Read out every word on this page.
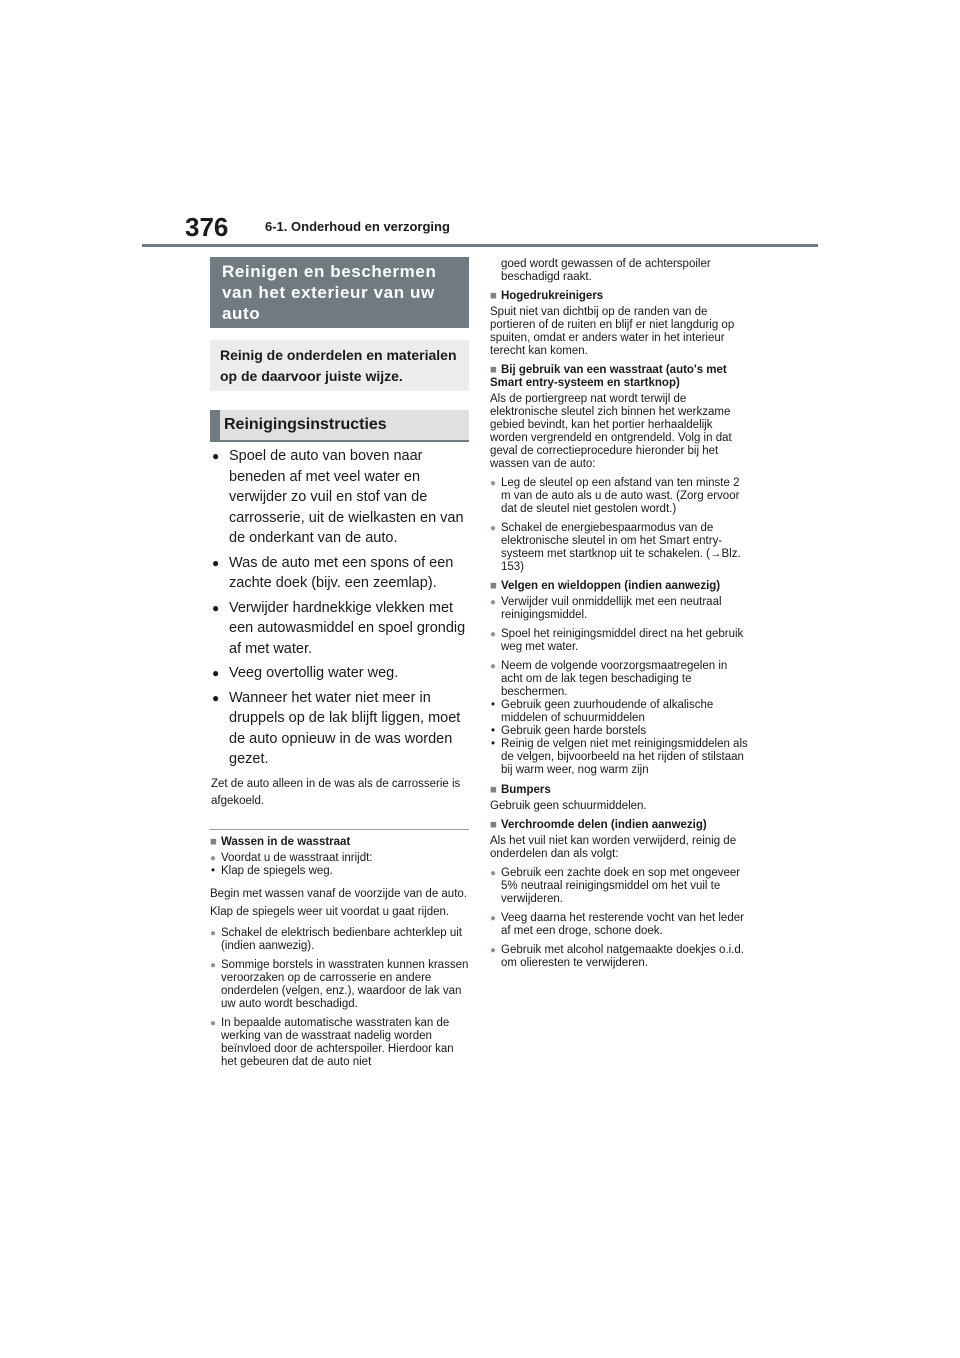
376	6-1. Onderhoud en verzorging
Reinigen en beschermen van het exterieur van uw auto
Reinig de onderdelen en materialen op de daarvoor juiste wijze.
Reinigingsinstructies
● Spoel de auto van boven naar beneden af met veel water en verwijder zo vuil en stof van de carrosserie, uit de wielkasten en van de onderkant van de auto.
● Was de auto met een spons of een zachte doek (bijv. een zeemlap).
● Verwijder hardnekkige vlekken met een autowasmiddel en spoel grondig af met water.
● Veeg overtollig water weg.
● Wanneer het water niet meer in druppels op de lak blijft liggen, moet de auto opnieuw in de was worden gezet.
Zet de auto alleen in de was als de carrosserie is afgekoeld.
■ Wassen in de wasstraat
● Voordat u de wasstraat inrijdt:
• Klap de spiegels weg.
Begin met wassen vanaf de voorzijde van de auto. Klap de spiegels weer uit voordat u gaat rijden.
● Schakel de elektrisch bedienbare achterklep uit (indien aanwezig).
● Sommige borstels in wasstraten kunnen krassen veroorzaken op de carrosserie en andere onderdelen (velgen, enz.), waardoor de lak van uw auto wordt beschadigd.
● In bepaalde automatische wasstraten kan de werking van de wasstraat nadelig worden beïnvloed door de achterspoiler. Hierdoor kan het gebeuren dat de auto niet
goed wordt gewassen of de achterspoiler beschadigd raakt.
■ Hogedrukreinigers
Spuit niet van dichtbij op de randen van de portieren of de ruiten en blijf er niet langdurig op spuiten, omdat er anders water in het interieur terecht kan komen.
■ Bij gebruik van een wasstraat (auto's met Smart entry-systeem en startknop)
Als de portiergreep nat wordt terwijl de elektronische sleutel zich binnen het werkzame gebied bevindt, kan het portier herhaaldelijk worden vergrendeld en ontgrendeld. Volg in dat geval de correctieprocedure hieronder bij het wassen van de auto:
● Leg de sleutel op een afstand van ten minste 2 m van de auto als u de auto wast. (Zorg ervoor dat de sleutel niet gestolen wordt.)
● Schakel de energiebespaarmodus van de elektronische sleutel in om het Smart entry-systeem met startknop uit te schakelen. (→Blz. 153)
■ Velgen en wieldoppen (indien aanwezig)
● Verwijder vuil onmiddellijk met een neutraal reinigingsmiddel.
● Spoel het reinigingsmiddel direct na het gebruik weg met water.
● Neem de volgende voorzorgsmaatregelen in acht om de lak tegen beschadiging te beschermen.
• Gebruik geen zuurhoudende of alkalische middelen of schuurmiddelen
• Gebruik geen harde borstels
• Reinig de velgen niet met reinigingsmiddelen als de velgen, bijvoorbeeld na het rijden of stilstaan bij warm weer, nog warm zijn
■ Bumpers
Gebruik geen schuurmiddelen.
■ Verchroomde delen (indien aanwezig)
Als het vuil niet kan worden verwijderd, reinig de onderdelen dan als volgt:
● Gebruik een zachte doek en sop met ongeveer 5% neutraal reinigingsmiddel om het vuil te verwijderen.
● Veeg daarna het resterende vocht van het leder af met een droge, schone doek.
● Gebruik met alcohol natgemaakte doekjes o.i.d. om olieresten te verwijderen.
